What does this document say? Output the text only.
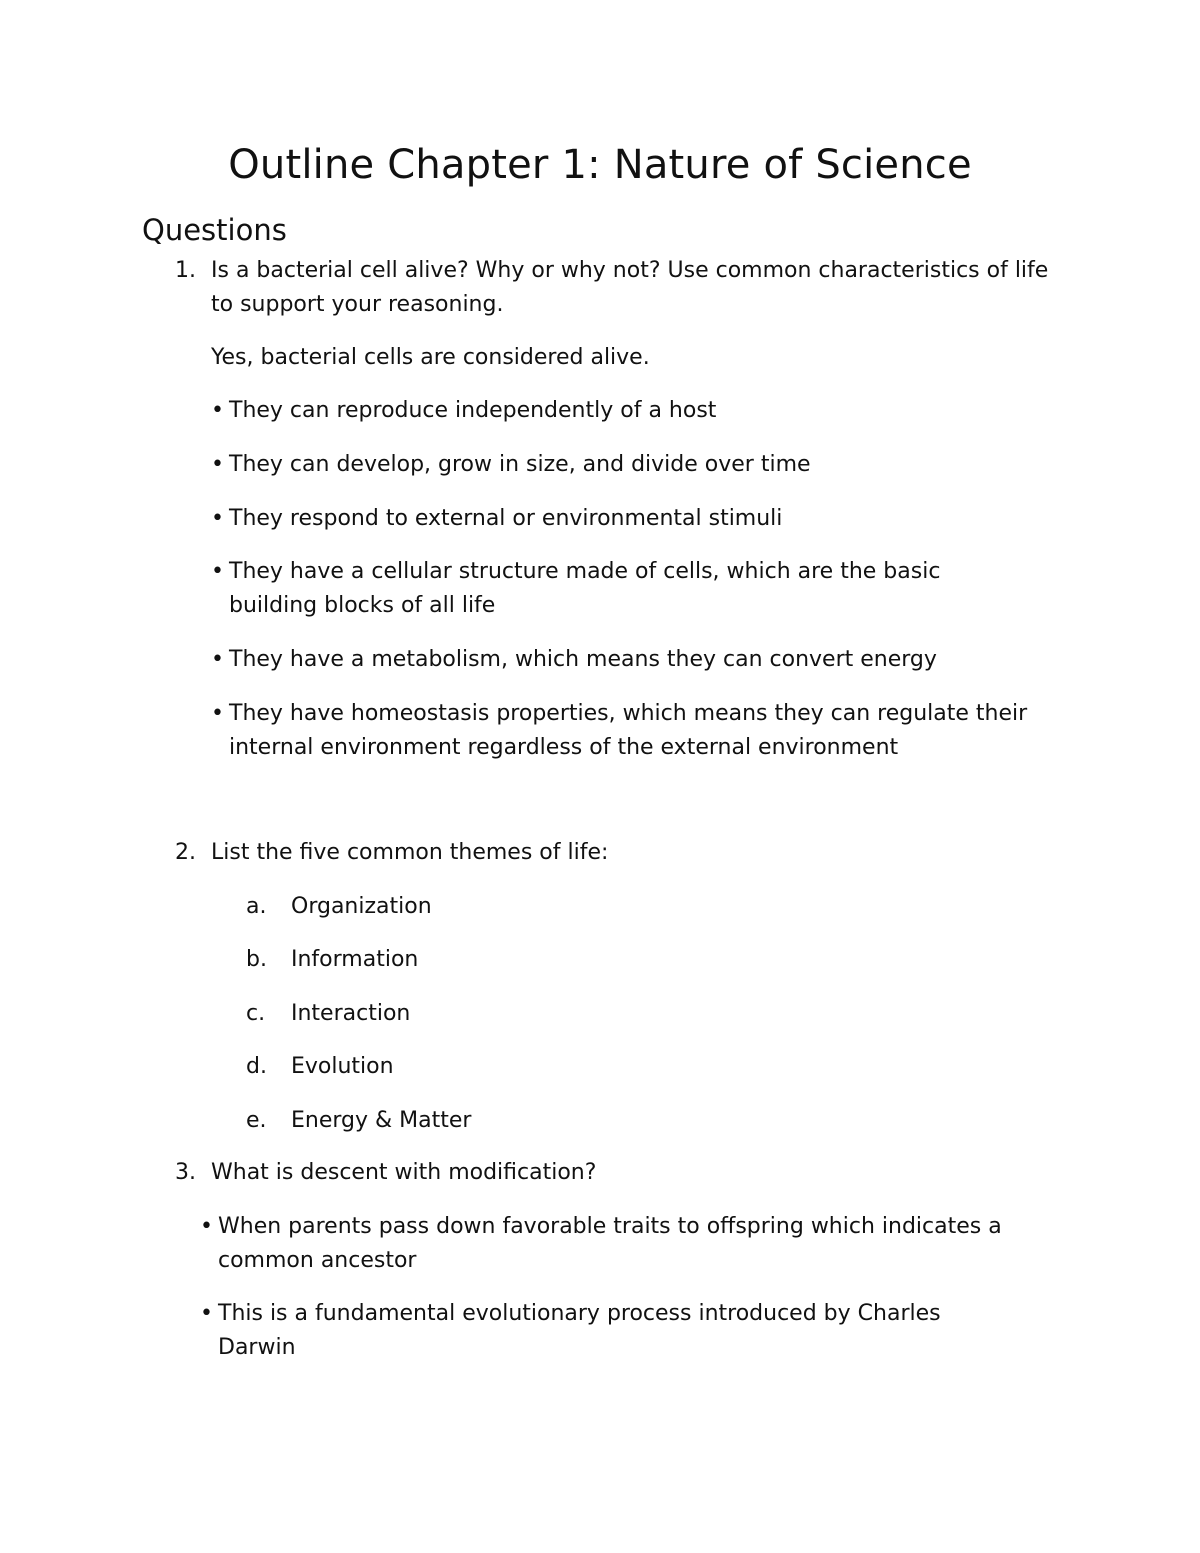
Outline Chapter 1: Nature of Science
Questions
1. Is a bacterial cell alive? Why or why not? Use common characteristics of life to support your reasoning.
Yes, bacterial cells are considered alive.
• They can reproduce independently of a host
• They can develop, grow in size, and divide over time
• They respond to external or environmental stimuli
• They have a cellular structure made of cells, which are the basic building blocks of all life
• They have a metabolism, which means they can convert energy
• They have homeostasis properties, which means they can regulate their internal environment regardless of the external environment
2. List the five common themes of life:
a. Organization
b. Information
c. Interaction
d. Evolution
e. Energy & Matter
3. What is descent with modification?
• When parents pass down favorable traits to offspring which indicates a common ancestor
• This is a fundamental evolutionary process introduced by Charles Darwin
